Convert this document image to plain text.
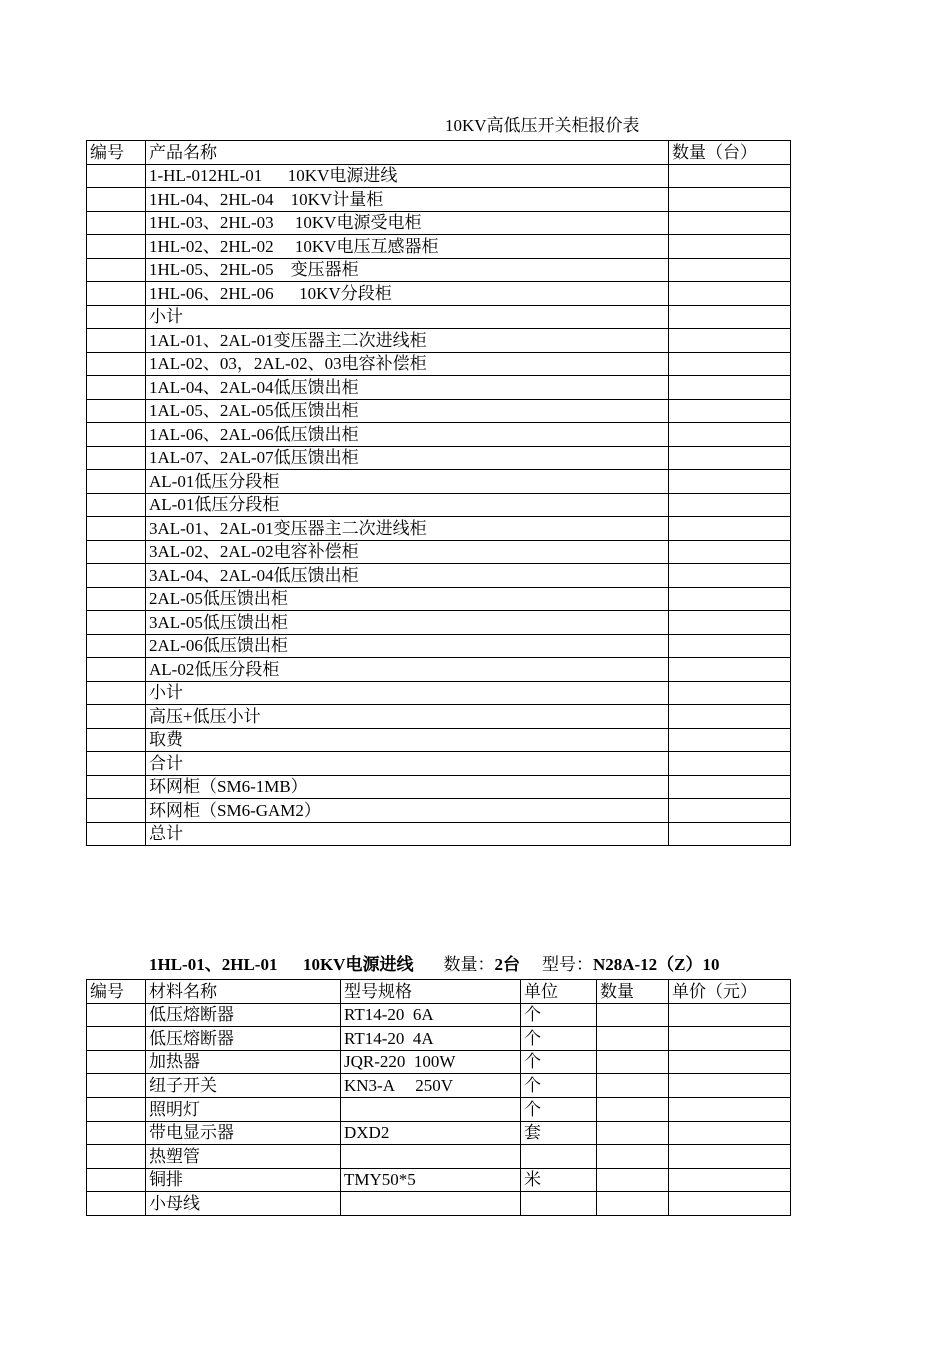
10KV高低压开关柜报价表
编号	产品名称	数量（台）
	1-HL-012HL-01      10KV电源进线	
	1HL-04、2HL-04    10KV计量柜	
	1HL-03、2HL-03     10KV电源受电柜	
	1HL-02、2HL-02     10KV电压互感器柜	
	1HL-05、2HL-05    变压器柜	
	1HL-06、2HL-06      10KV分段柜	
	小计	
	1AL-01、2AL-01变压器主二次进线柜	
	1AL-02、03，2AL-02、03电容补偿柜	
	1AL-04、2AL-04低压馈出柜	
	1AL-05、2AL-05低压馈出柜	
	1AL-06、2AL-06低压馈出柜	
	1AL-07、2AL-07低压馈出柜	
	AL-01低压分段柜	
	AL-01低压分段柜	
	3AL-01、2AL-01变压器主二次进线柜	
	3AL-02、2AL-02电容补偿柜	
	3AL-04、2AL-04低压馈出柜	
	2AL-05低压馈出柜	
	3AL-05低压馈出柜	
	2AL-06低压馈出柜	
	AL-02低压分段柜	
	小计	
	高压+低压小计	
	取费	
	合计	
	环网柜（SM6-1MB）	
	环网柜（SM6-GAM2）	
	总计	
1HL-01、2HL-01      10KV电源进线 数量：2台 型号：N28A-12（Z）10
编号	材料名称	型号规格	单位	数量	单价（元）
	低压熔断器	RT14-20  6A	个		
	低压熔断器	RT14-20  4A	个		
	加热器	JQR-220  100W	个		
	纽子开关	KN3-A     250V	个		
	照明灯		个		
	带电显示器	DXD2	套		
	热塑管				
	铜排	TMY50*5	米		
	小母线				
